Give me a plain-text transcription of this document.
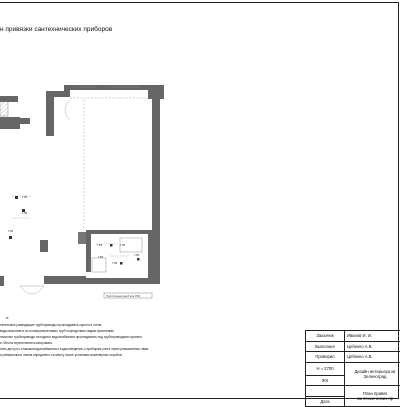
н привязки сантехнических приборов
ГХВ
ГХВ
ГХВ
ГХВ
ГХВ
ГХВ
ГХВ
ГХВ
Полотенцесушитель ГВС
я:
тательные разводящие трубопроводы прокладывать скрыто в стене.
воды выполнить из полипропиленовых труб посредством сварки фитингами.
нальные трубопроводы холодного водоснабжения прокладывать под трубопроводами горячего
я. Места пересечения изолировать.
пить доступ к стоякам водоснабжения и водоотведения, к приборам учета через ревизионные люки.
и ревизионных люков определить по месту после установки инженерных коробов.
Заказчик	Иванов И. И.
Выполнил	Цебенко А.В.
Проверил	Цебенко А.В.
Н = 2700	Дизайн интерьера кв
Зеленоград
ЖК	
	План привяз
сантехнических пр
Дата	
